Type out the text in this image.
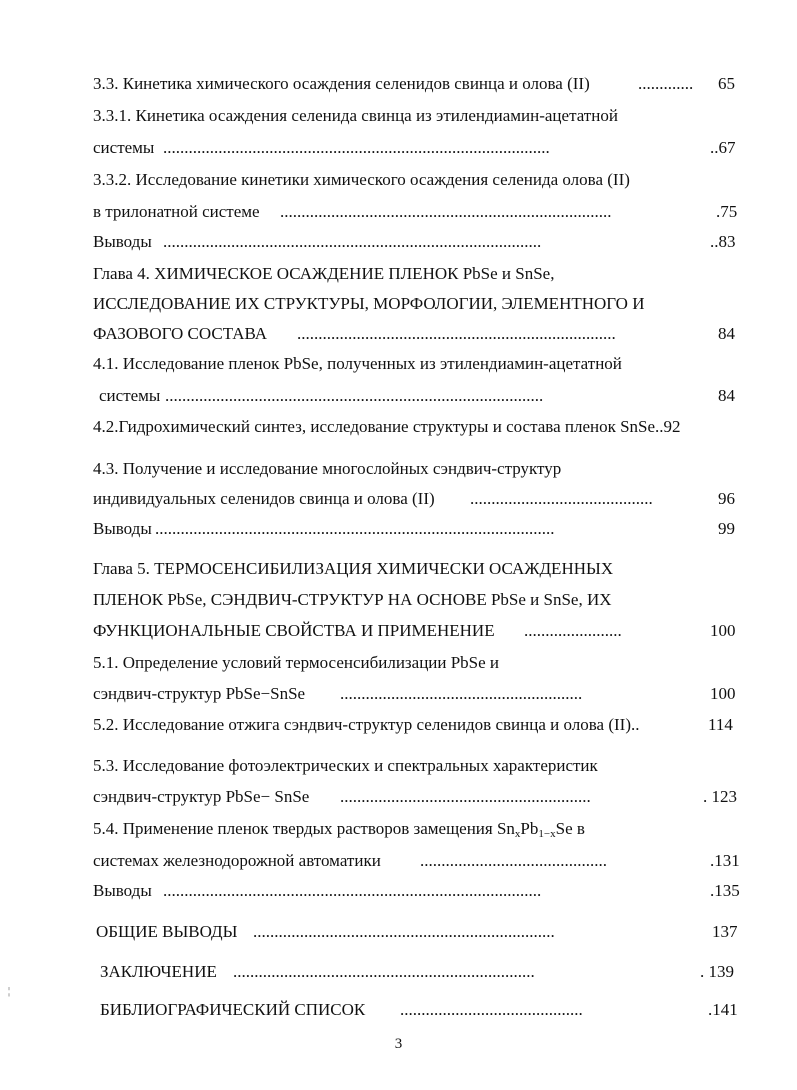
3.3. Кинетика химического осаждения селенидов свинца и олова (II)	............. 65
3.3.1. Кинетика осаждения селенида свинца из этилендиамин-ацетатной
системы ...........................................................................................	..67
3.3.2. Исследование кинетики химического осаждения селенида олова (II)
в трилонатной системе ..............................................................................	.75
Выводы .........................................................................................	..83
Глава 4. ХИМИЧЕСКОЕ ОСАЖДЕНИЕ ПЛЕНОК PbSe и SnSe,
ИССЛЕДОВАНИЕ ИХ СТРУКТУРЫ, МОРФОЛОГИИ, ЭЛЕМЕНТНОГО И
ФАЗОВОГО СОСТАВА ...........................................................................	84
4.1. Исследование пленок PbSe, полученных из этилендиамин-ацетатной
системы .........................................................................................	84
4.2.Гидрохимический синтез, исследование структуры и состава пленок SnSe..92
4.3. Получение и исследование многослойных сэндвич-структур
индивидуальных селенидов свинца и олова (II) ...........................................	96
Выводы ..............................................................................................	99
Глава 5. ТЕРМОСЕНСИБИЛИЗАЦИЯ ХИМИЧЕСКИ ОСАЖДЕННЫХ
ПЛЕНОК PbSe, СЭНДВИЧ-СТРУКТУР НА ОСНОВЕ PbSe и SnSe, ИХ
ФУНКЦИОНАЛЬНЫЕ СВОЙСТВА И ПРИМЕНЕНИЕ .......................	100
5.1. Определение условий термосенсибилизации PbSe и
сэндвич-структур PbSe−SnSe .........................................................	100
5.2. Исследование отжига сэндвич-структур селенидов свинца и олова (II)..	114
5.3. Исследование фотоэлектрических и спектральных характеристик
сэндвич-структур PbSe− SnSe ...........................................................	. 123
5.4. Применение пленок твердых растворов замещения $Sn_xPb_{1-x}Se$ в
системах железнодорожной автоматики ............................................	.131
Выводы .........................................................................................	.135
ОБЩИЕ ВЫВОДЫ .......................................................................	137
ЗАКЛЮЧЕНИЕ .......................................................................	. 139
БИБЛИОГРАФИЧЕСКИЙ СПИСОК ...........................................	.141
¦
3
